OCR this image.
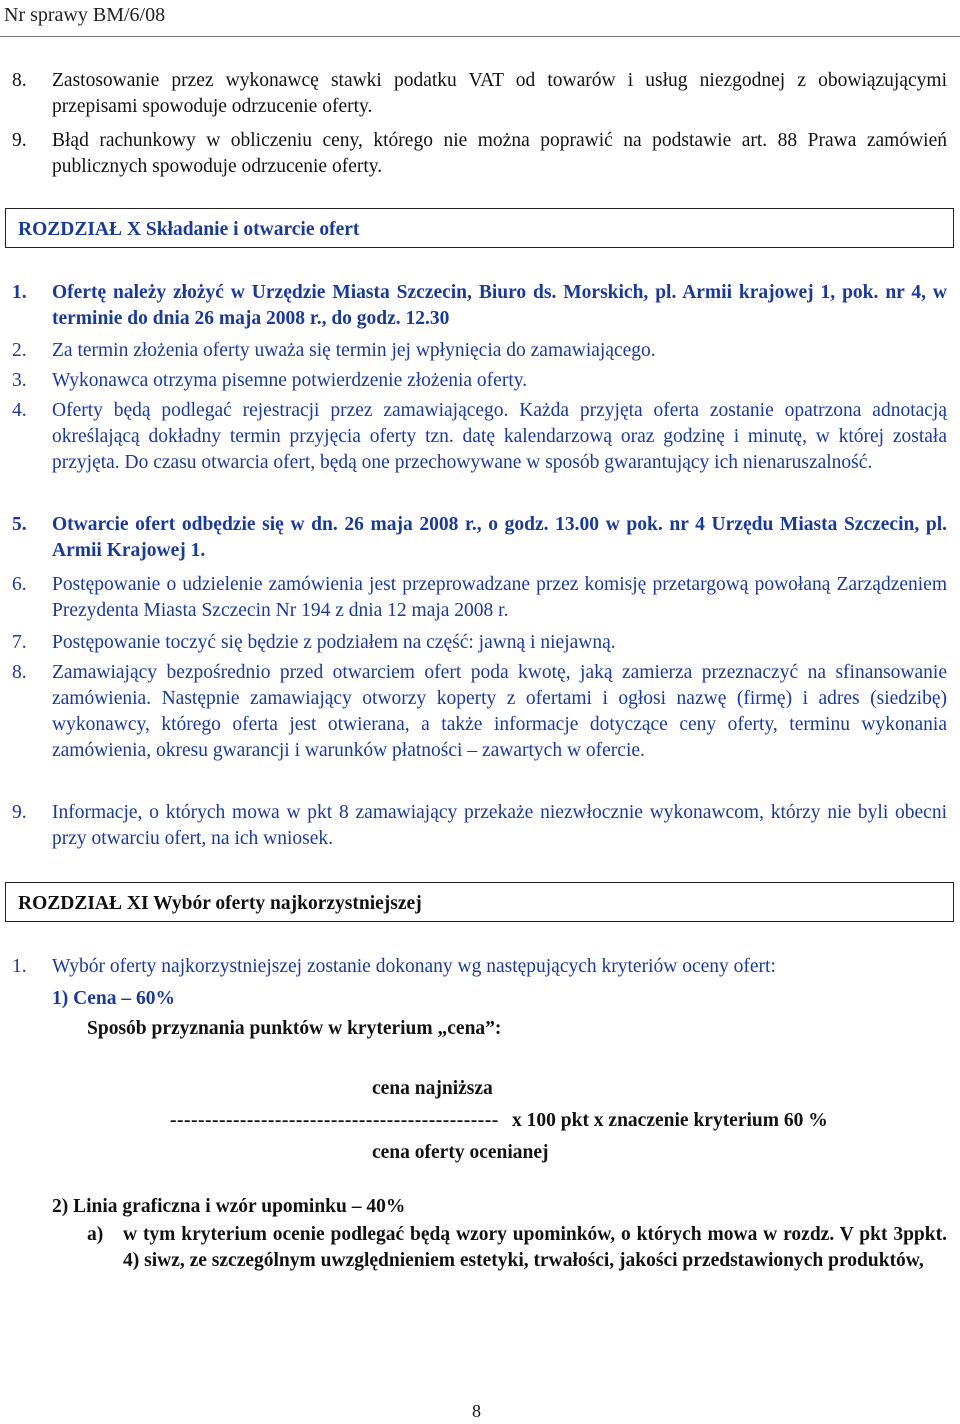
Nr sprawy BM/6/08
8.	Zastosowanie przez wykonawcę stawki podatku VAT od towarów i usług niezgodnej z obowiązującymi przepisami spowoduje odrzucenie oferty.
9.	Błąd rachunkowy w obliczeniu ceny, którego nie można poprawić na podstawie art. 88 Prawa zamówień publicznych spowoduje odrzucenie oferty.
ROZDZIAŁ X Składanie i otwarcie ofert
1.	Ofertę należy złożyć w Urzędzie Miasta Szczecin, Biuro ds. Morskich, pl. Armii krajowej 1, pok. nr 4, w terminie do dnia 26 maja 2008 r., do godz. 12.30
2.	Za termin złożenia oferty uważa się termin jej wpłynięcia do zamawiającego.
3.	Wykonawca otrzyma pisemne potwierdzenie złożenia oferty.
4.	Oferty będą podlegać rejestracji przez zamawiającego. Każda przyjęta oferta zostanie opatrzona adnotacją określającą dokładny termin przyjęcia oferty tzn. datę kalendarzową oraz godzinę i minutę, w której została przyjęta. Do czasu otwarcia ofert, będą one przechowywane w sposób gwarantujący ich nienaruszalność.
5.	Otwarcie ofert odbędzie się w dn. 26 maja 2008 r., o godz. 13.00 w pok. nr 4 Urzędu Miasta Szczecin, pl. Armii Krajowej 1.
6.	Postępowanie o udzielenie zamówienia jest przeprowadzane przez komisję przetargową powołaną Zarządzeniem Prezydenta Miasta Szczecin Nr 194 z dnia 12 maja 2008 r.
7.	Postępowanie toczyć się będzie z podziałem na część: jawną i niejawną.
8.	Zamawiający bezpośrednio przed otwarciem ofert poda kwotę, jaką zamierza przeznaczyć na sfinansowanie zamówienia. Następnie zamawiający otworzy koperty z ofertami i ogłosi nazwę (firmę) i adres (siedzibę) wykonawcy, którego oferta jest otwierana, a także informacje dotyczące ceny oferty, terminu wykonania zamówienia, okresu gwarancji i warunków płatności – zawartych w ofercie.
9.	Informacje, o których mowa w pkt 8 zamawiający przekaże niezwłocznie wykonawcom, którzy nie byli obecni przy otwarciu ofert, na ich wniosek.
ROZDZIAŁ XI Wybór oferty najkorzystniejszej
1.	Wybór oferty najkorzystniejszej zostanie dokonany wg następujących kryteriów oceny ofert:
1) Cena – 60%
Sposób przyznania punktów w kryterium „cena”:
cena najniższa
----------------------------------------------- x 100 pkt x znaczenie kryterium 60 %
cena oferty ocenianej
2) Linia graficzna i wzór upominku – 40%
a) w tym kryterium ocenie podlegać będą wzory upominków, o których mowa w rozdz. V pkt 3ppkt. 4) siwz, ze szczególnym uwzględnieniem estetyki, trwałości, jakości przedstawionych produktów,
8
